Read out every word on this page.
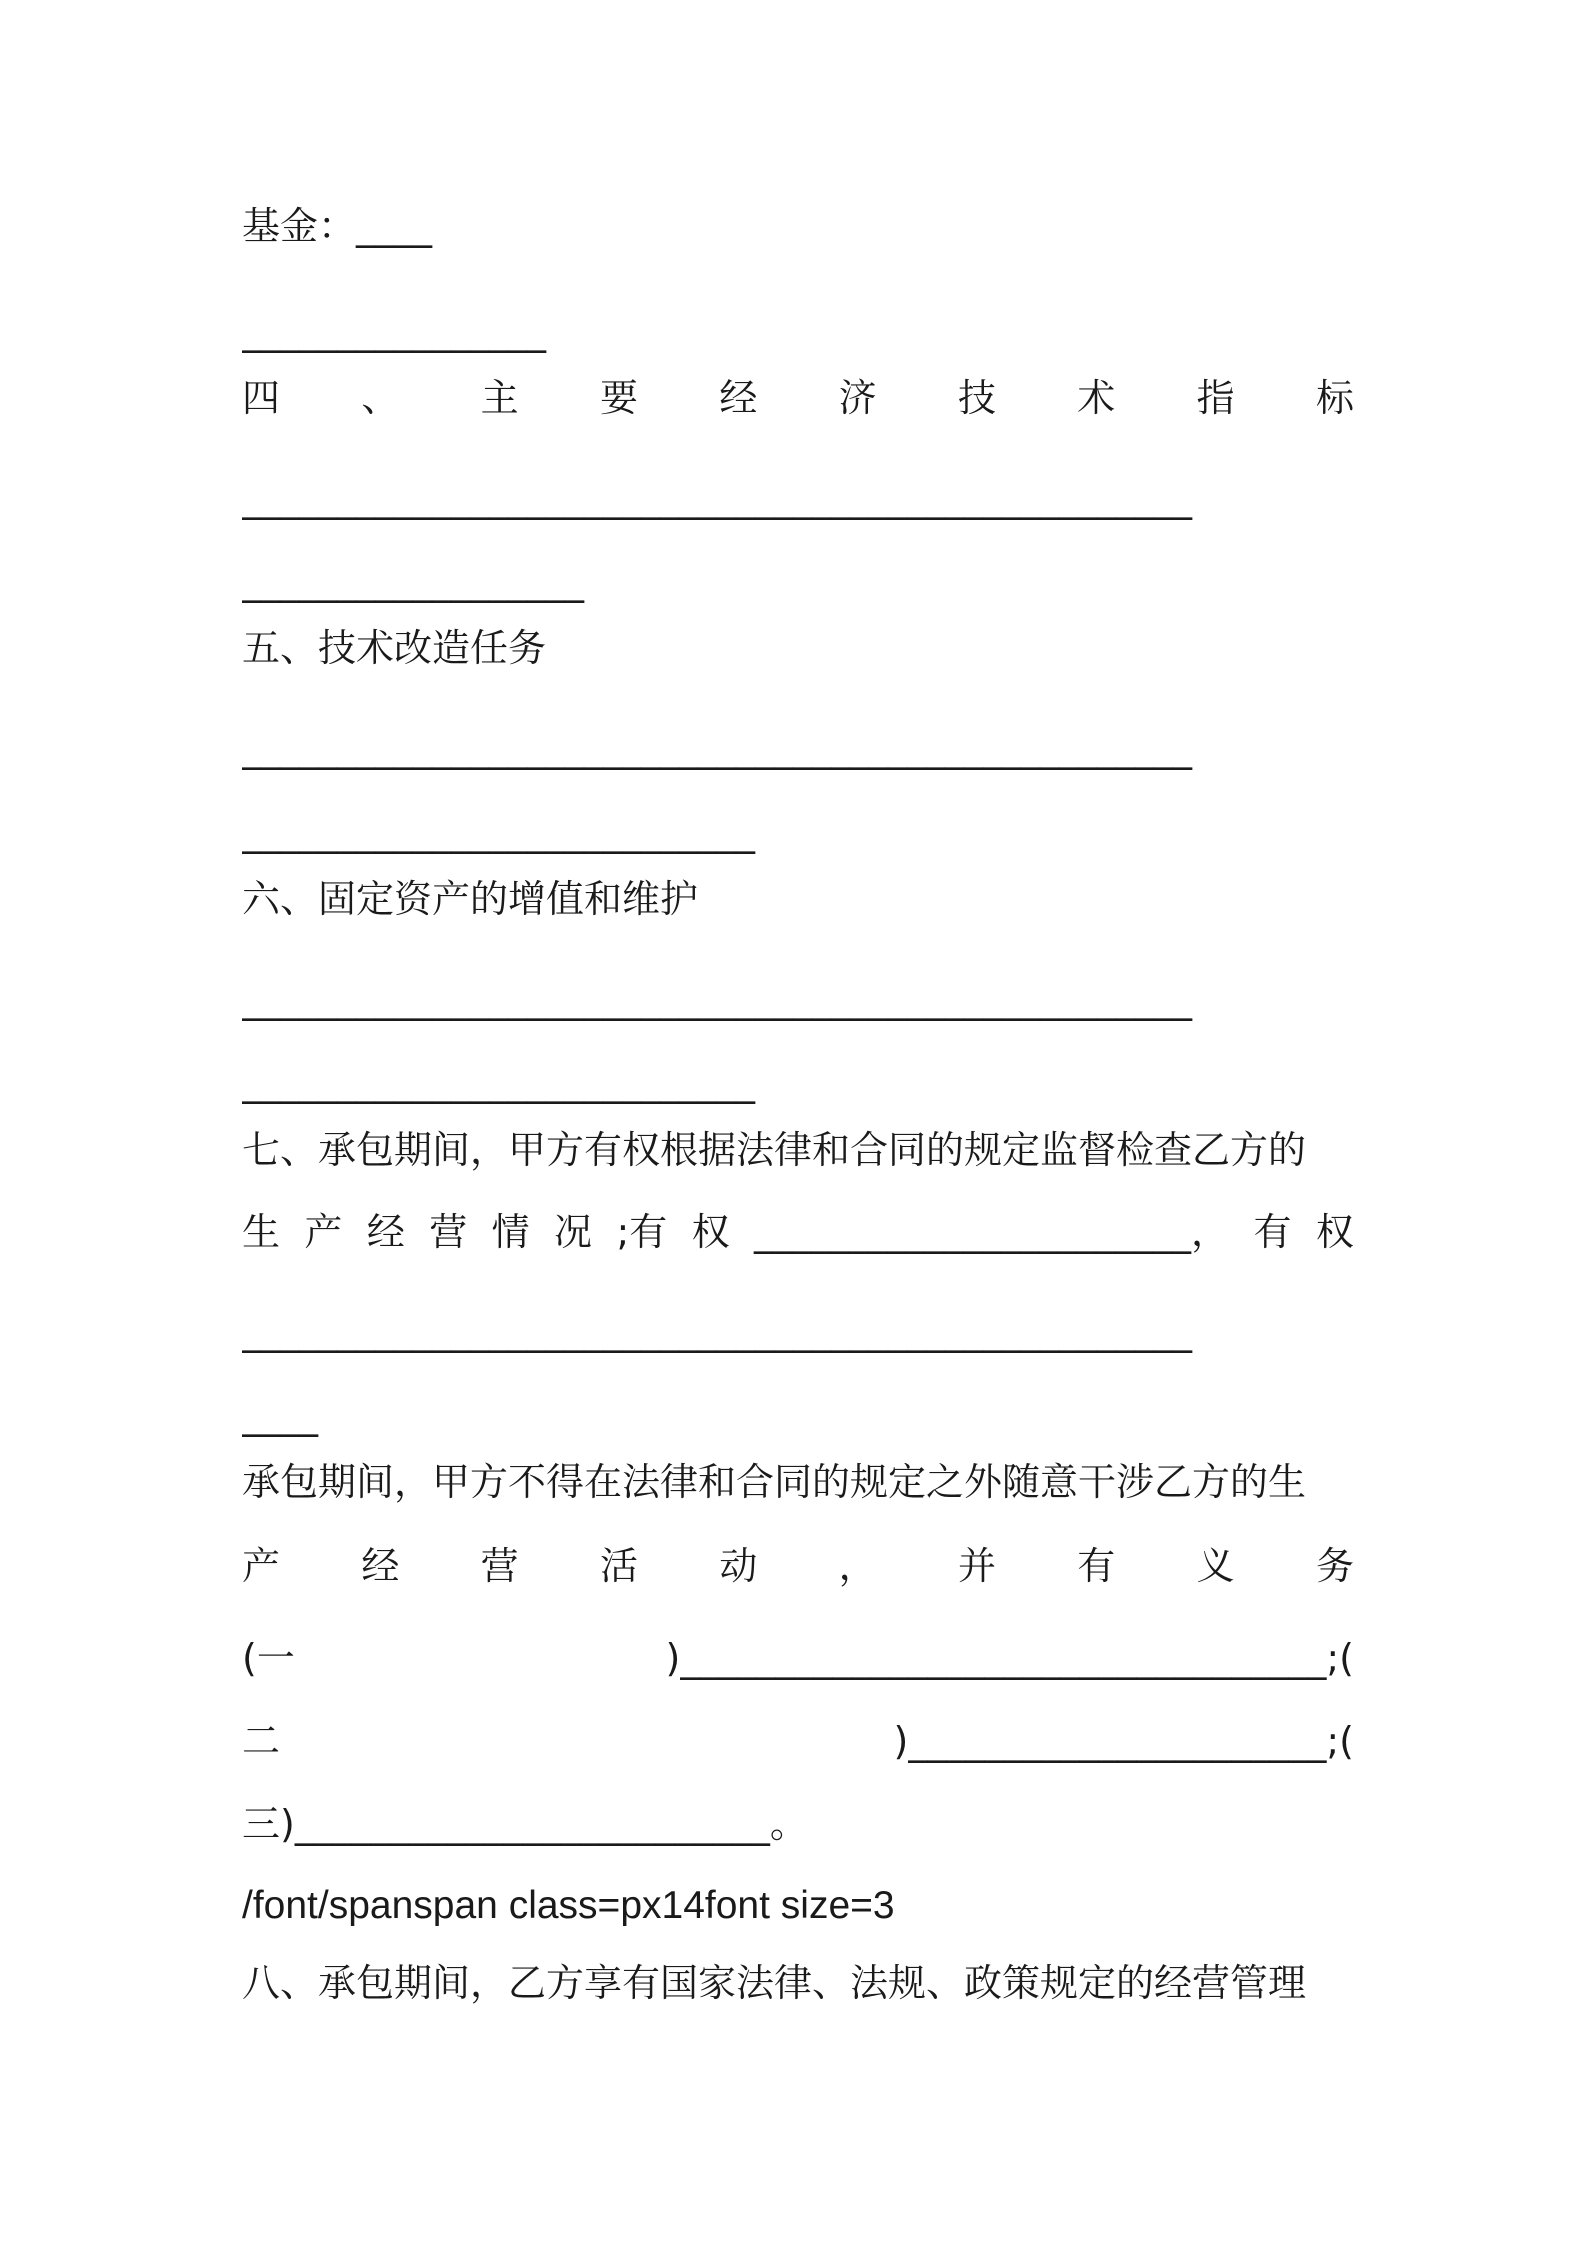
基金：____
________________
四 、 主 要 经 济 技 术 指 标
__________________________________________________
__________________
五、技术改造任务
__________________________________________________
___________________________
六、固定资产的增值和维护
__________________________________________________
___________________________
七、承包期间，甲方有权根据法律和合同的规定监督检查乙方的
生 产 经 营 情 况 ;有 权 _______________________， 有 权
__________________________________________________
____
承包期间，甲方不得在法律和合同的规定之外随意干涉乙方的生
产 经 营 活 动 ， 并 有 义 务
(一	)__________________________________;(
二	)______________________;(
三)_________________________。
/font/spanspan class=px14font size=3
八、承包期间，乙方享有国家法律、法规、政策规定的经营管理
